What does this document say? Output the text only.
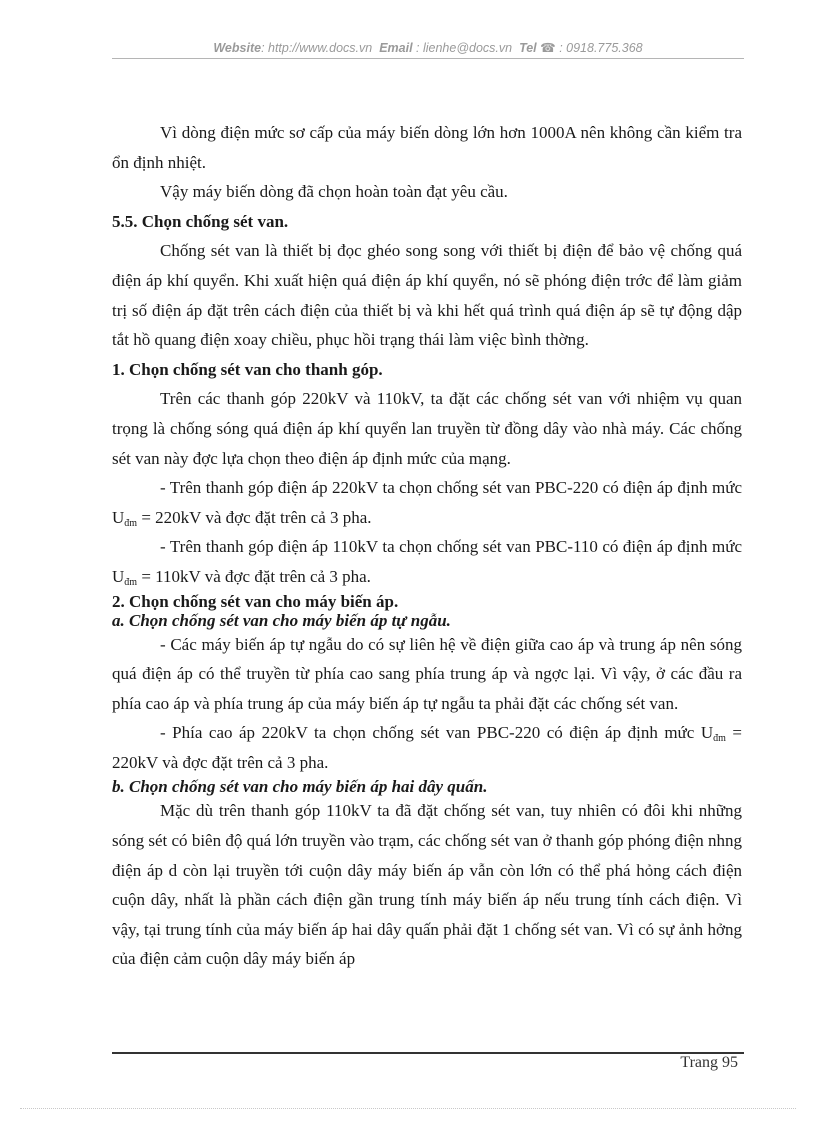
Website: http://www.docs.vn Email : lienhe@docs.vn Tel ☎ : 0918.775.368

Vì dòng điện mức sơ cấp của máy biến dòng lớn hơn 1000A nên không cần kiểm tra ổn định nhiệt.

Vậy máy biến dòng đã chọn hoàn toàn đạt yêu cầu.

5.5. Chọn chống sét van.

Chống sét van là thiết bị đọc ghéo song song với thiết bị điện để bảo vệ chống quá điện áp khí quyển. Khi xuất hiện quá điện áp khí quyển, nó sẽ phóng điện trớc để làm giảm trị số điện áp đặt trên cách điện của thiết bị và khi hết quá trình quá điện áp sẽ tự động dập tắt hồ quang điện xoay chiều, phục hồi trạng thái làm việc bình thờng.

1. Chọn chống sét van cho thanh góp.

Trên các thanh góp 220kV và 110kV, ta đặt các chống sét van với nhiệm vụ quan trọng là chống sóng quá điện áp khí quyển lan truyền từ đồng dây vào nhà máy. Các chống sét van này đợc lựa chọn theo điện áp định mức của mạng.

- Trên thanh góp điện áp 220kV ta chọn chống sét van PBC-220 có điện áp định mức $U_{đm} = 220kV$ và đợc đặt trên cả 3 pha.

- Trên thanh góp điện áp 110kV ta chọn chống sét van PBC-110 có điện áp định mức $U_{đm} = 110kV$ và đợc đặt trên cả 3 pha.

2. Chọn chống sét van cho máy biến áp.

a. Chọn chống sét van cho máy biến áp tự ngẫu.

- Các máy biến áp tự ngẫu do có sự liên hệ về điện giữa cao áp và trung áp nên sóng quá điện áp có thể truyền từ phía cao sang phía trung áp và ngợc lại. Vì vậy, ở các đầu ra phía cao áp và phía trung áp của máy biến áp tự ngẫu ta phải đặt các chống sét van.

- Phía cao áp 220kV ta chọn chống sét van PBC-220 có điện áp định mức $U_{đm} = 220kV$ và đợc đặt trên cả 3 pha.

b. Chọn chống sét van cho máy biến áp hai dây quấn.

Mặc dù trên thanh góp 110kV ta đã đặt chống sét van, tuy nhiên có đôi khi những sóng sét có biên độ quá lớn truyền vào trạm, các chống sét van ở thanh góp phóng điện nhng điện áp d còn lại truyền tới cuộn dây máy biến áp vẫn còn lớn có thể phá hỏng cách điện cuộn dây, nhất là phần cách điện gần trung tính máy biến áp nếu trung tính cách điện. Vì vậy, tại trung tính của máy biến áp hai dây quấn phải đặt 1 chống sét van. Vì có sự ảnh hởng của điện cảm cuộn dây máy biến áp

Trang 95
